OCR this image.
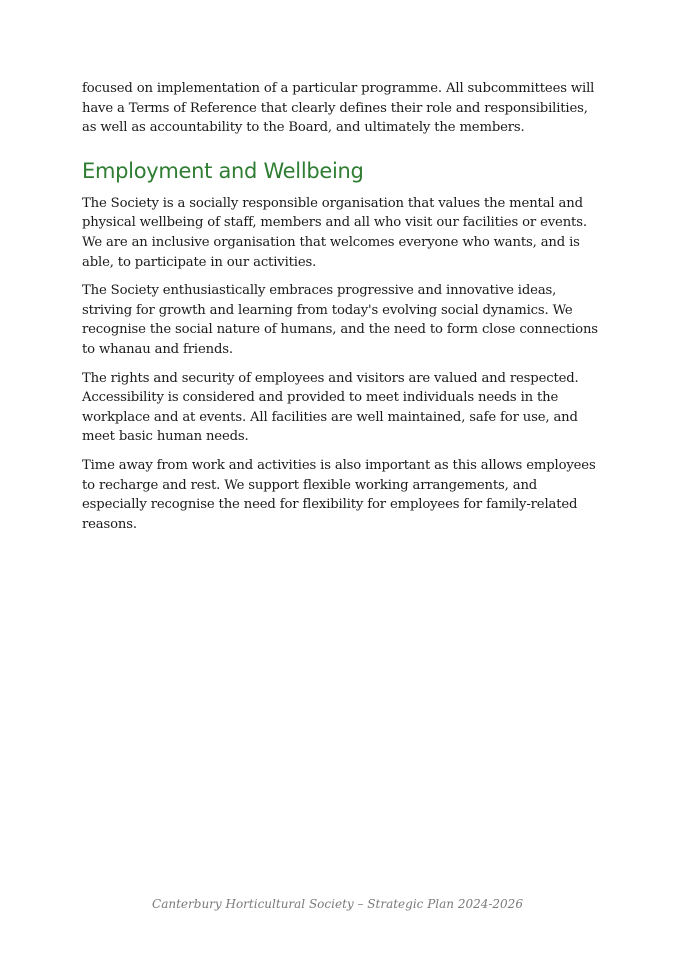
focused on implementation of a particular programme. All subcommittees will have a Terms of Reference that clearly defines their role and responsibilities, as well as accountability to the Board, and ultimately the members.

Employment and Wellbeing

The Society is a socially responsible organisation that values the mental and physical wellbeing of staff, members and all who visit our facilities or events. We are an inclusive organisation that welcomes everyone who wants, and is able, to participate in our activities.

The Society enthusiastically embraces progressive and innovative ideas, striving for growth and learning from today's evolving social dynamics. We recognise the social nature of humans, and the need to form close connections to whanau and friends.

The rights and security of employees and visitors are valued and respected. Accessibility is considered and provided to meet individuals needs in the workplace and at events. All facilities are well maintained, safe for use, and meet basic human needs.

Time away from work and activities is also important as this allows employees to recharge and rest. We support flexible working arrangements, and especially recognise the need for flexibility for employees for family-related reasons.

Canterbury Horticultural Society – Strategic Plan 2024-2026
